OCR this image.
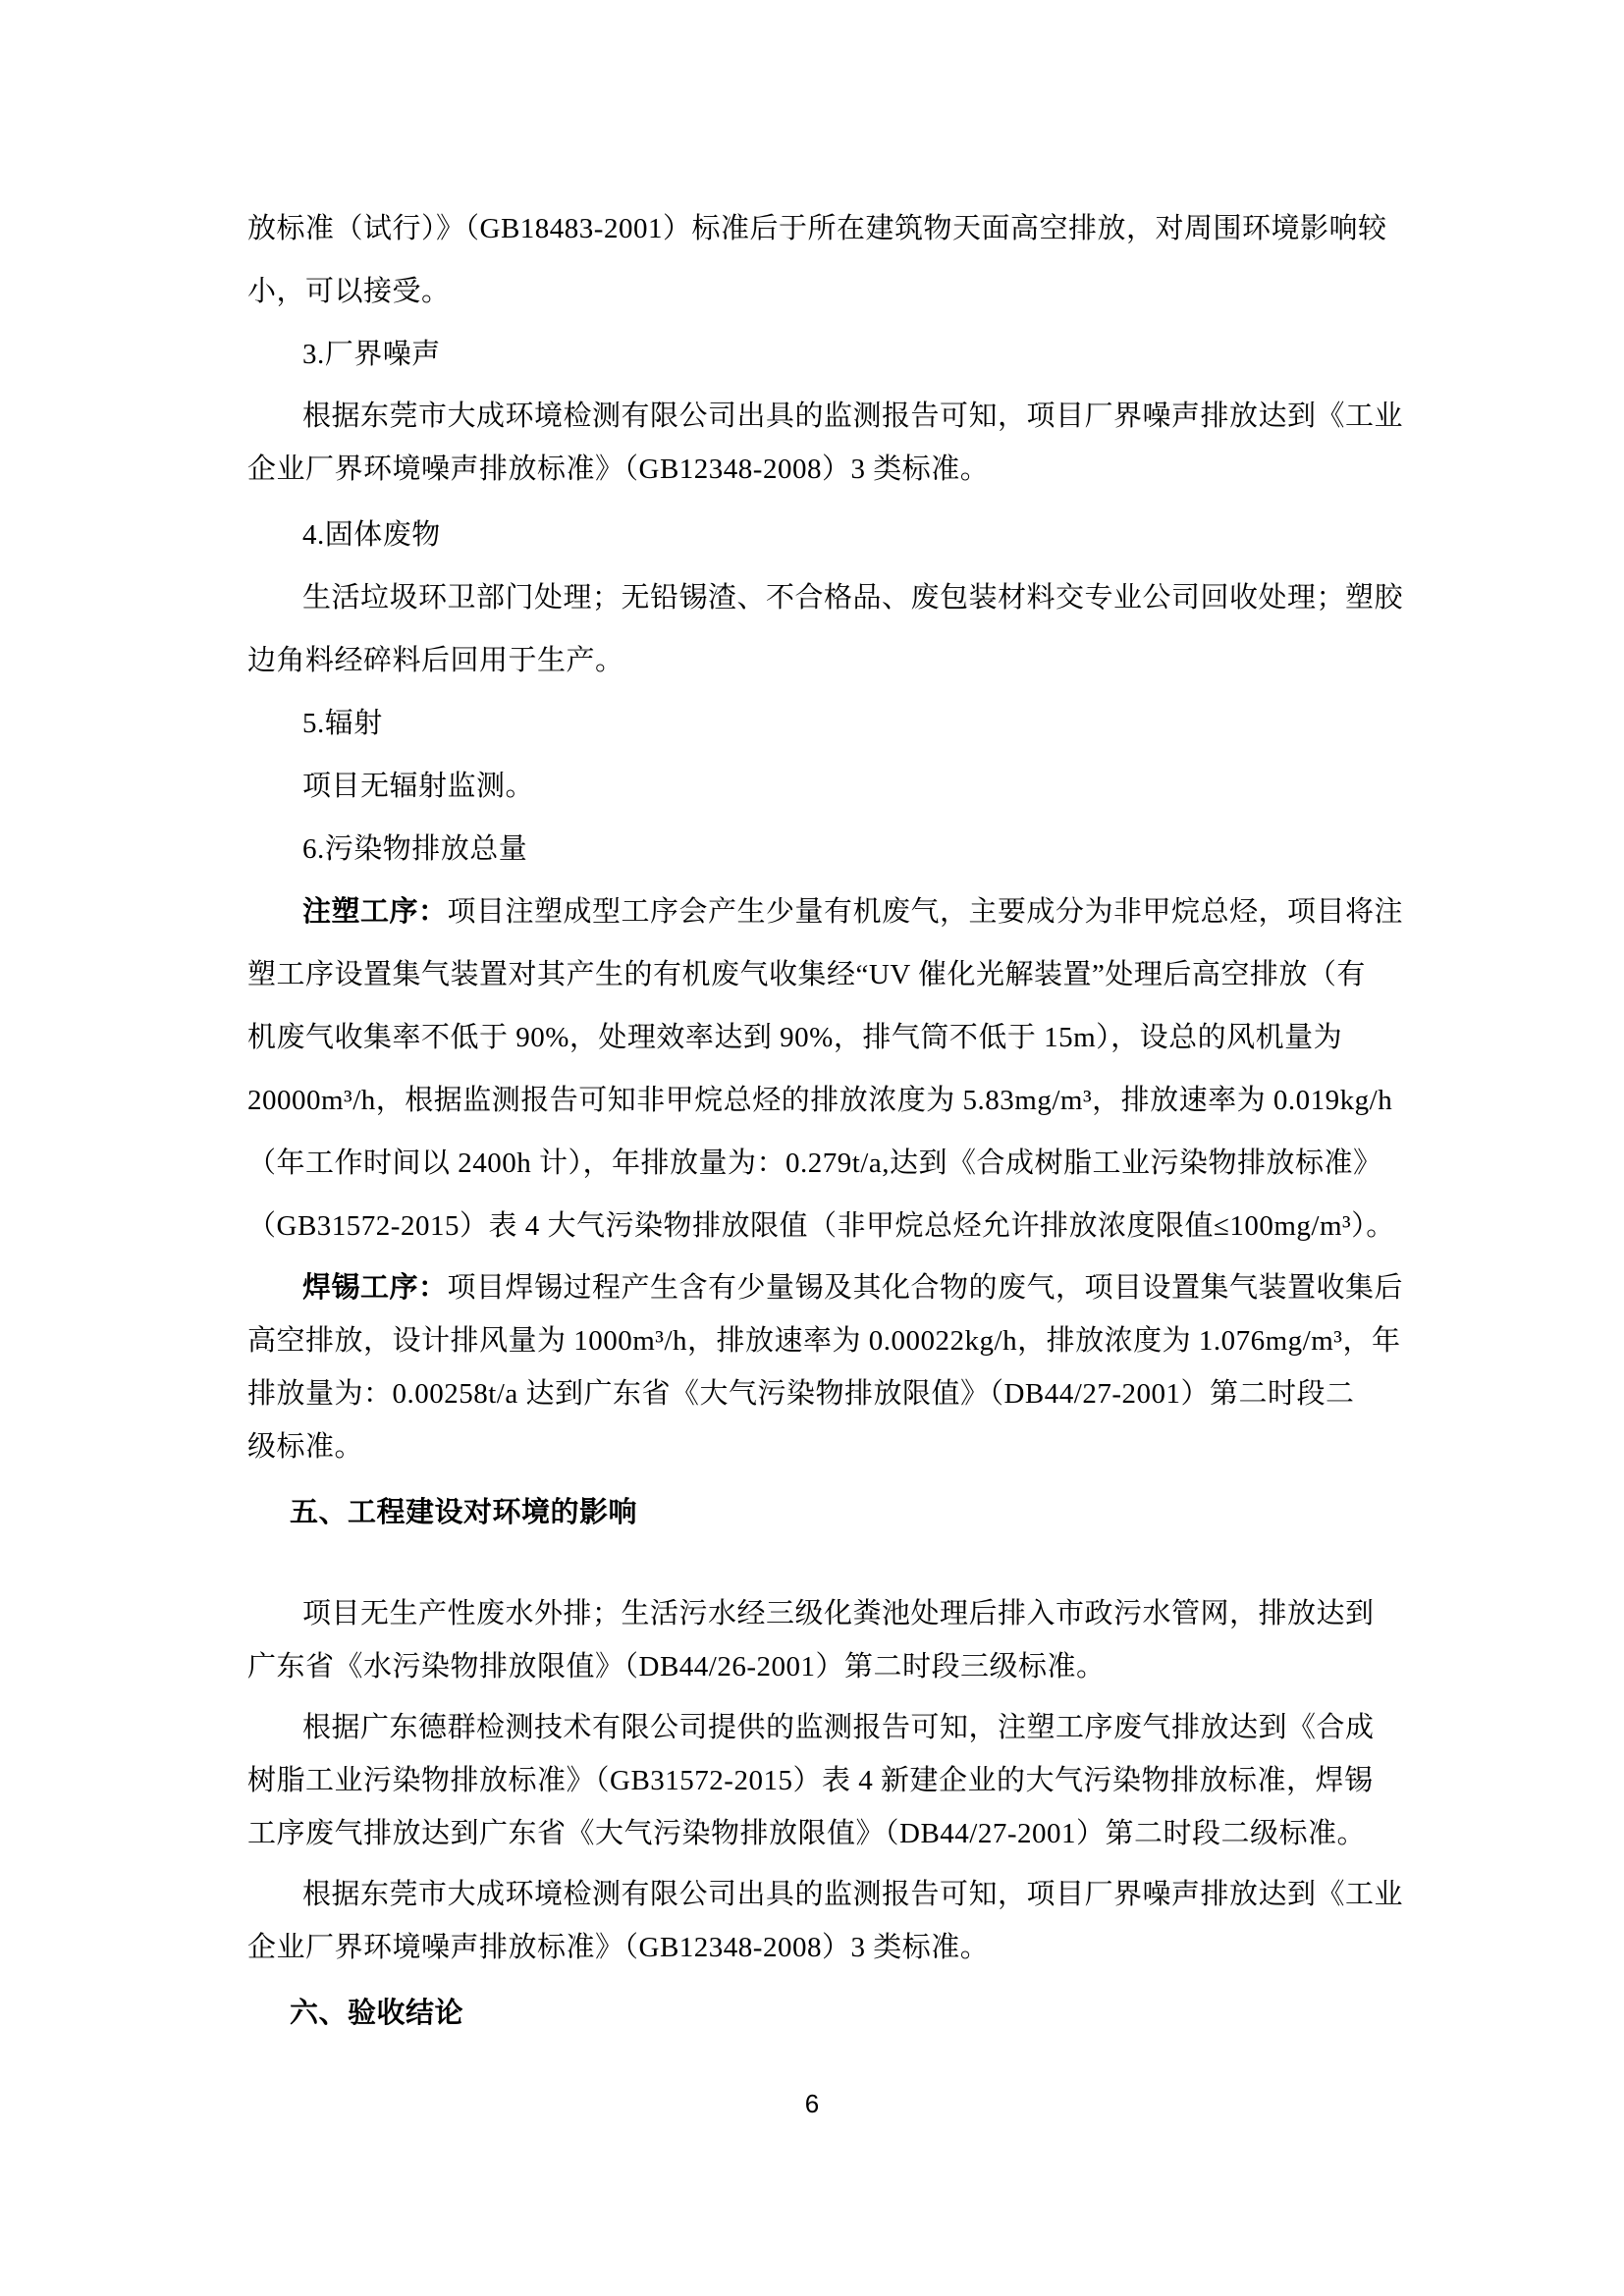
放标准（试行）》（GB18483-2001）标准后于所在建筑物天面高空排放，对周围环境影响较
小，可以接受。
3.厂界噪声
根据东莞市大成环境检测有限公司出具的监测报告可知，项目厂界噪声排放达到《工业
企业厂界环境噪声排放标准》（GB12348-2008）3 类标准。
4.固体废物
生活垃圾环卫部门处理；无铅锡渣、不合格品、废包装材料交专业公司回收处理；塑胶
边角料经碎料后回用于生产。
5.辐射
项目无辐射监测。
6.污染物排放总量
注塑工序：项目注塑成型工序会产生少量有机废气，主要成分为非甲烷总烃，项目将注
塑工序设置集气装置对其产生的有机废气收集经“UV 催化光解装置”处理后高空排放（有
机废气收集率不低于 90%，处理效率达到 90%，排气筒不低于 15m），设总的风机量为
20000m³/h，根据监测报告可知非甲烷总烃的排放浓度为 5.83mg/m³，排放速率为 0.019kg/h
（年工作时间以 2400h 计），年排放量为：0.279t/a,达到《合成树脂工业污染物排放标准》
（GB31572-2015）表 4 大气污染物排放限值（非甲烷总烃允许排放浓度限值≤100mg/m³）。
焊锡工序：项目焊锡过程产生含有少量锡及其化合物的废气，项目设置集气装置收集后
高空排放，设计排风量为 1000m³/h，排放速率为 0.00022kg/h，排放浓度为 1.076mg/m³，年
排放量为：0.00258t/a 达到广东省《大气污染物排放限值》（DB44/27-2001）第二时段二
级标准。
五、工程建设对环境的影响
项目无生产性废水外排；生活污水经三级化粪池处理后排入市政污水管网，排放达到
广东省《水污染物排放限值》（DB44/26-2001）第二时段三级标准。
根据广东德群检测技术有限公司提供的监测报告可知，注塑工序废气排放达到《合成
树脂工业污染物排放标准》（GB31572-2015）表 4 新建企业的大气污染物排放标准，焊锡
工序废气排放达到广东省《大气污染物排放限值》（DB44/27-2001）第二时段二级标准。
根据东莞市大成环境检测有限公司出具的监测报告可知，项目厂界噪声排放达到《工业
企业厂界环境噪声排放标准》（GB12348-2008）3 类标准。
六、验收结论
6
